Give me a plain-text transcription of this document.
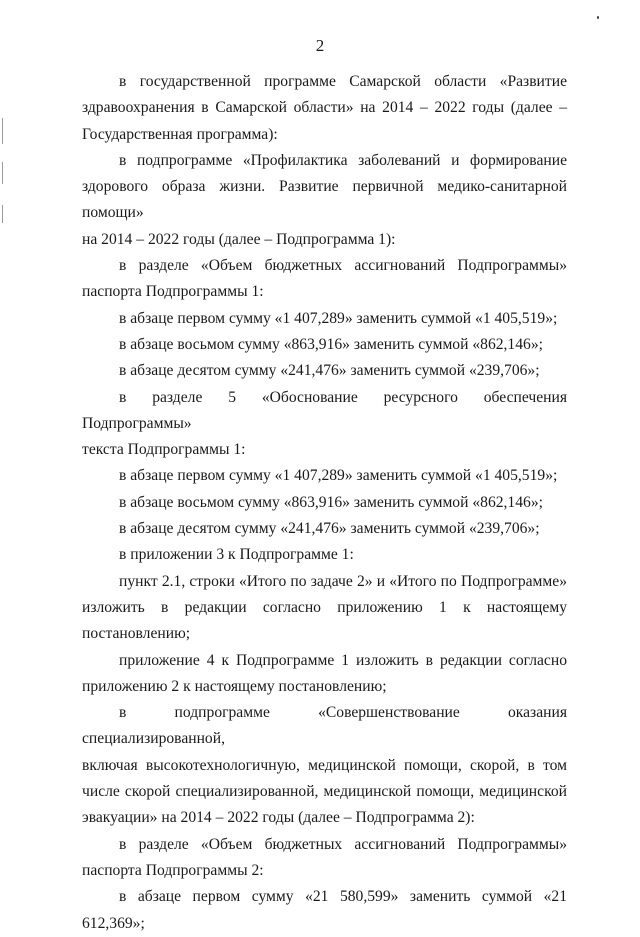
2
в государственной программе Самарской области «Развитие
здравоохранения в Самарской области» на 2014 – 2022 годы (далее –
Государственная программа):
в подпрограмме «Профилактика заболеваний и формирование
здорового образа жизни. Развитие первичной медико-санитарной помощи»
на 2014 – 2022 годы (далее – Подпрограмма 1):
в разделе «Объем бюджетных ассигнований Подпрограммы»
паспорта Подпрограммы 1:
в абзаце первом сумму «1 407,289» заменить суммой «1 405,519»;
в абзаце восьмом сумму «863,916» заменить суммой «862,146»;
в абзаце десятом сумму «241,476» заменить суммой «239,706»;
в разделе 5 «Обоснование ресурсного обеспечения Подпрограммы»
текста Подпрограммы 1:
в абзаце первом сумму «1 407,289» заменить суммой «1 405,519»;
в абзаце восьмом сумму «863,916» заменить суммой «862,146»;
в абзаце десятом сумму «241,476» заменить суммой «239,706»;
в приложении 3 к Подпрограмме 1:
пункт 2.1, строки «Итого по задаче 2» и «Итого по Подпрограмме»
изложить в редакции согласно приложению 1 к настоящему
постановлению;
приложение 4 к Подпрограмме 1 изложить в редакции согласно
приложению 2 к настоящему постановлению;
в подпрограмме «Совершенствование оказания специализированной,
включая высокотехнологичную, медицинской помощи, скорой, в том
числе скорой специализированной, медицинской помощи, медицинской
эвакуации» на 2014 – 2022 годы (далее – Подпрограмма 2):
в разделе «Объем бюджетных ассигнований Подпрограммы»
паспорта Подпрограммы 2:
в абзаце первом сумму «21 580,599» заменить суммой «21 612,369»;
